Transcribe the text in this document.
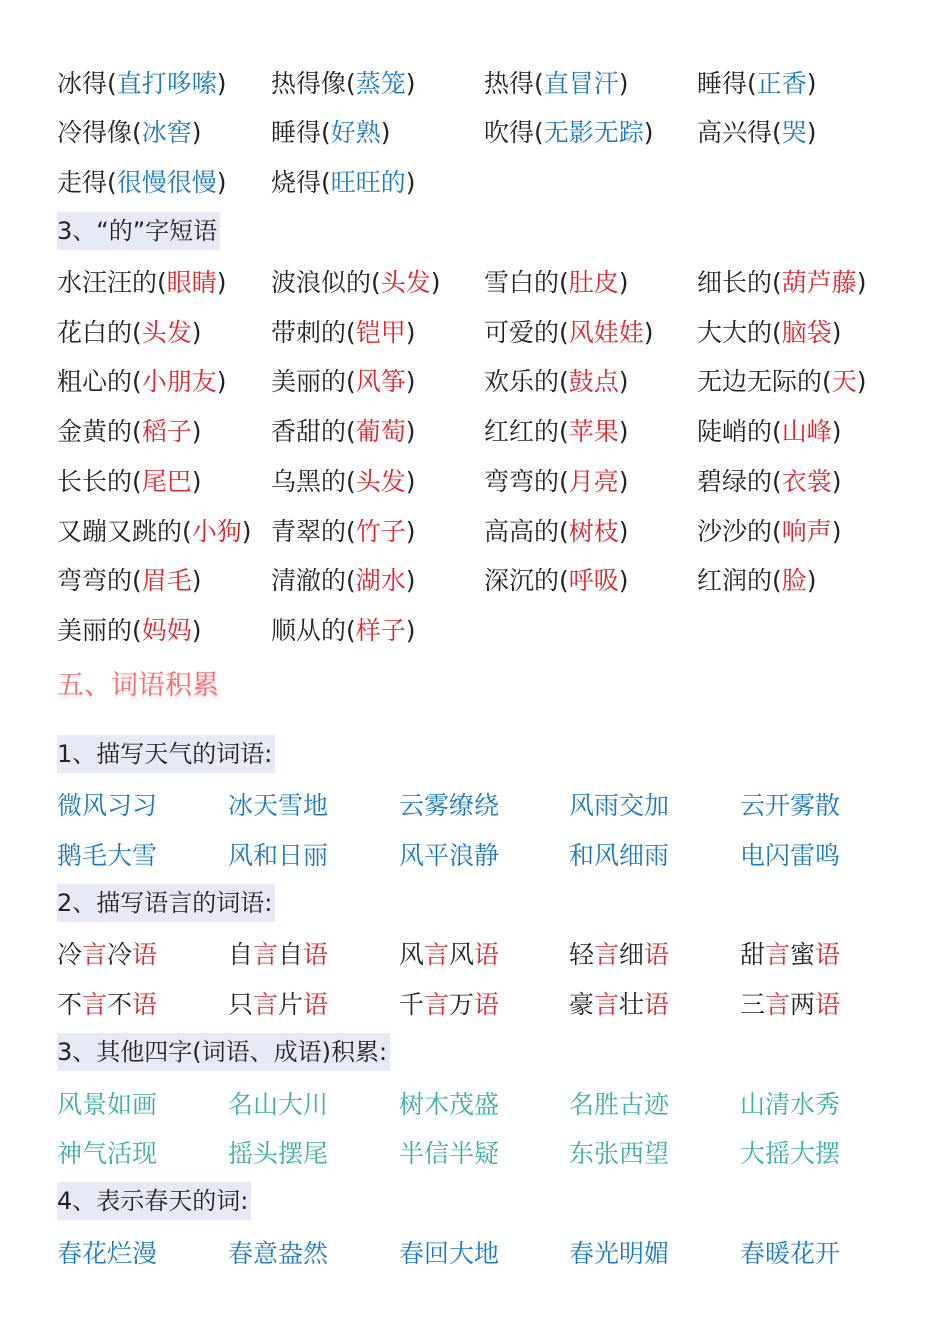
冰得(直打哆嗦) 热得像(蒸笼)	热得(直冒汗)	睡得(正香)
冷得像(冰窖)	睡得(好熟)	吹得(无影无踪) 高兴得(哭)
走得(很慢很慢) 烧得(旺旺的)
3、“的”字短语
水汪汪的(眼睛) 波浪似的(头发) 雪白的(肚皮)	细长的(葫芦藤)
花白的(头发)	带刺的(铠甲)	可爱的(风娃娃) 大大的(脑袋)
粗心的(小朋友) 美丽的(风筝)	欢乐的(鼓点)	无边无际的(天)
金黄的(稻子)	香甜的(葡萄)	红红的(苹果)	陡峭的(山峰)
长长的(尾巴)	乌黑的(头发)	弯弯的(月亮)	碧绿的(衣裳)
又蹦又跳的(小狗) 青翠的(竹子)	高高的(树枝)	沙沙的(响声)
弯弯的(眉毛)	清澈的(湖水)	深沉的(呼吸)	红润的(脸)
美丽的(妈妈)	顺从的(样子)
五、词语积累
1、描写天气的词语:
微风习习	冰天雪地	云雾缭绕	风雨交加	云开雾散
鹅毛大雪	风和日丽	风平浪静	和风细雨	电闪雷鸣
2、描写语言的词语:
冷言冷语	自言自语	风言风语	轻言细语	甜言蜜语
不言不语	只言片语	千言万语	豪言壮语	三言两语
3、其他四字(词语、成语)积累:
风景如画	名山大川	树木茂盛	名胜古迹	山清水秀
神气活现	摇头摆尾	半信半疑	东张西望	大摇大摆
4、表示春天的词:
春花烂漫	春意盎然	春回大地	春光明媚	春暖花开
